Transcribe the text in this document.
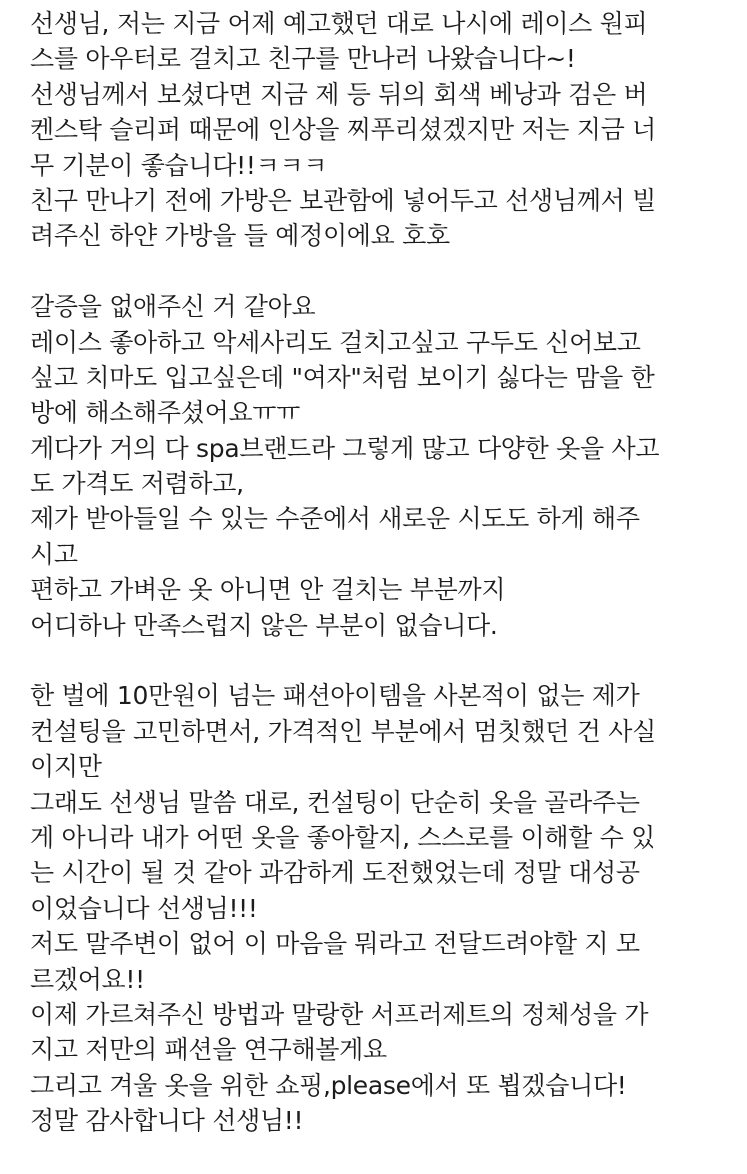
선생님, 저는 지금 어제 예고했던 대로 나시에 레이스 원피
스를 아우터로 걸치고 친구를 만나러 나왔습니다~!
선생님께서 보셨다면 지금 제 등 뒤의 회색 베낭과 검은 버
켄스탁 슬리퍼 때문에 인상을 찌푸리셨겠지만 저는 지금 너
무 기분이 좋습니다!!ㅋㅋㅋ
친구 만나기 전에 가방은 보관함에 넣어두고 선생님께서 빌
려주신 하얀 가방을 들 예정이에요 호호
갈증을 없애주신 거 같아요
레이스 좋아하고 악세사리도 걸치고싶고 구두도 신어보고
싶고 치마도 입고싶은데 "여자"처럼 보이기 싫다는 맘을 한
방에 해소해주셨어요ㅠㅠ
게다가 거의 다 spa브랜드라 그렇게 많고 다양한 옷을 사고
도 가격도 저렴하고,
제가 받아들일 수 있는 수준에서 새로운 시도도 하게 해주
시고
편하고 가벼운 옷 아니면 안 걸치는 부분까지
어디하나 만족스럽지 않은 부분이 없습니다.
한 벌에 10만원이 넘는 패션아이템을 사본적이 없는 제가
컨설팅을 고민하면서, 가격적인 부분에서 멈칫했던 건 사실
이지만
그래도 선생님 말씀 대로, 컨설팅이 단순히 옷을 골라주는
게 아니라 내가 어떤 옷을 좋아할지, 스스로를 이해할 수 있
는 시간이 될 것 같아 과감하게 도전했었는데 정말 대성공
이었습니다 선생님!!!
저도 말주변이 없어 이 마음을 뭐라고 전달드려야할 지 모
르겠어요!!
이제 가르쳐주신 방법과 말랑한 서프러제트의 정체성을 가
지고 저만의 패션을 연구해볼게요
그리고 겨울 옷을 위한 쇼핑,please에서 또 뵙겠습니다!
정말 감사합니다 선생님!!
